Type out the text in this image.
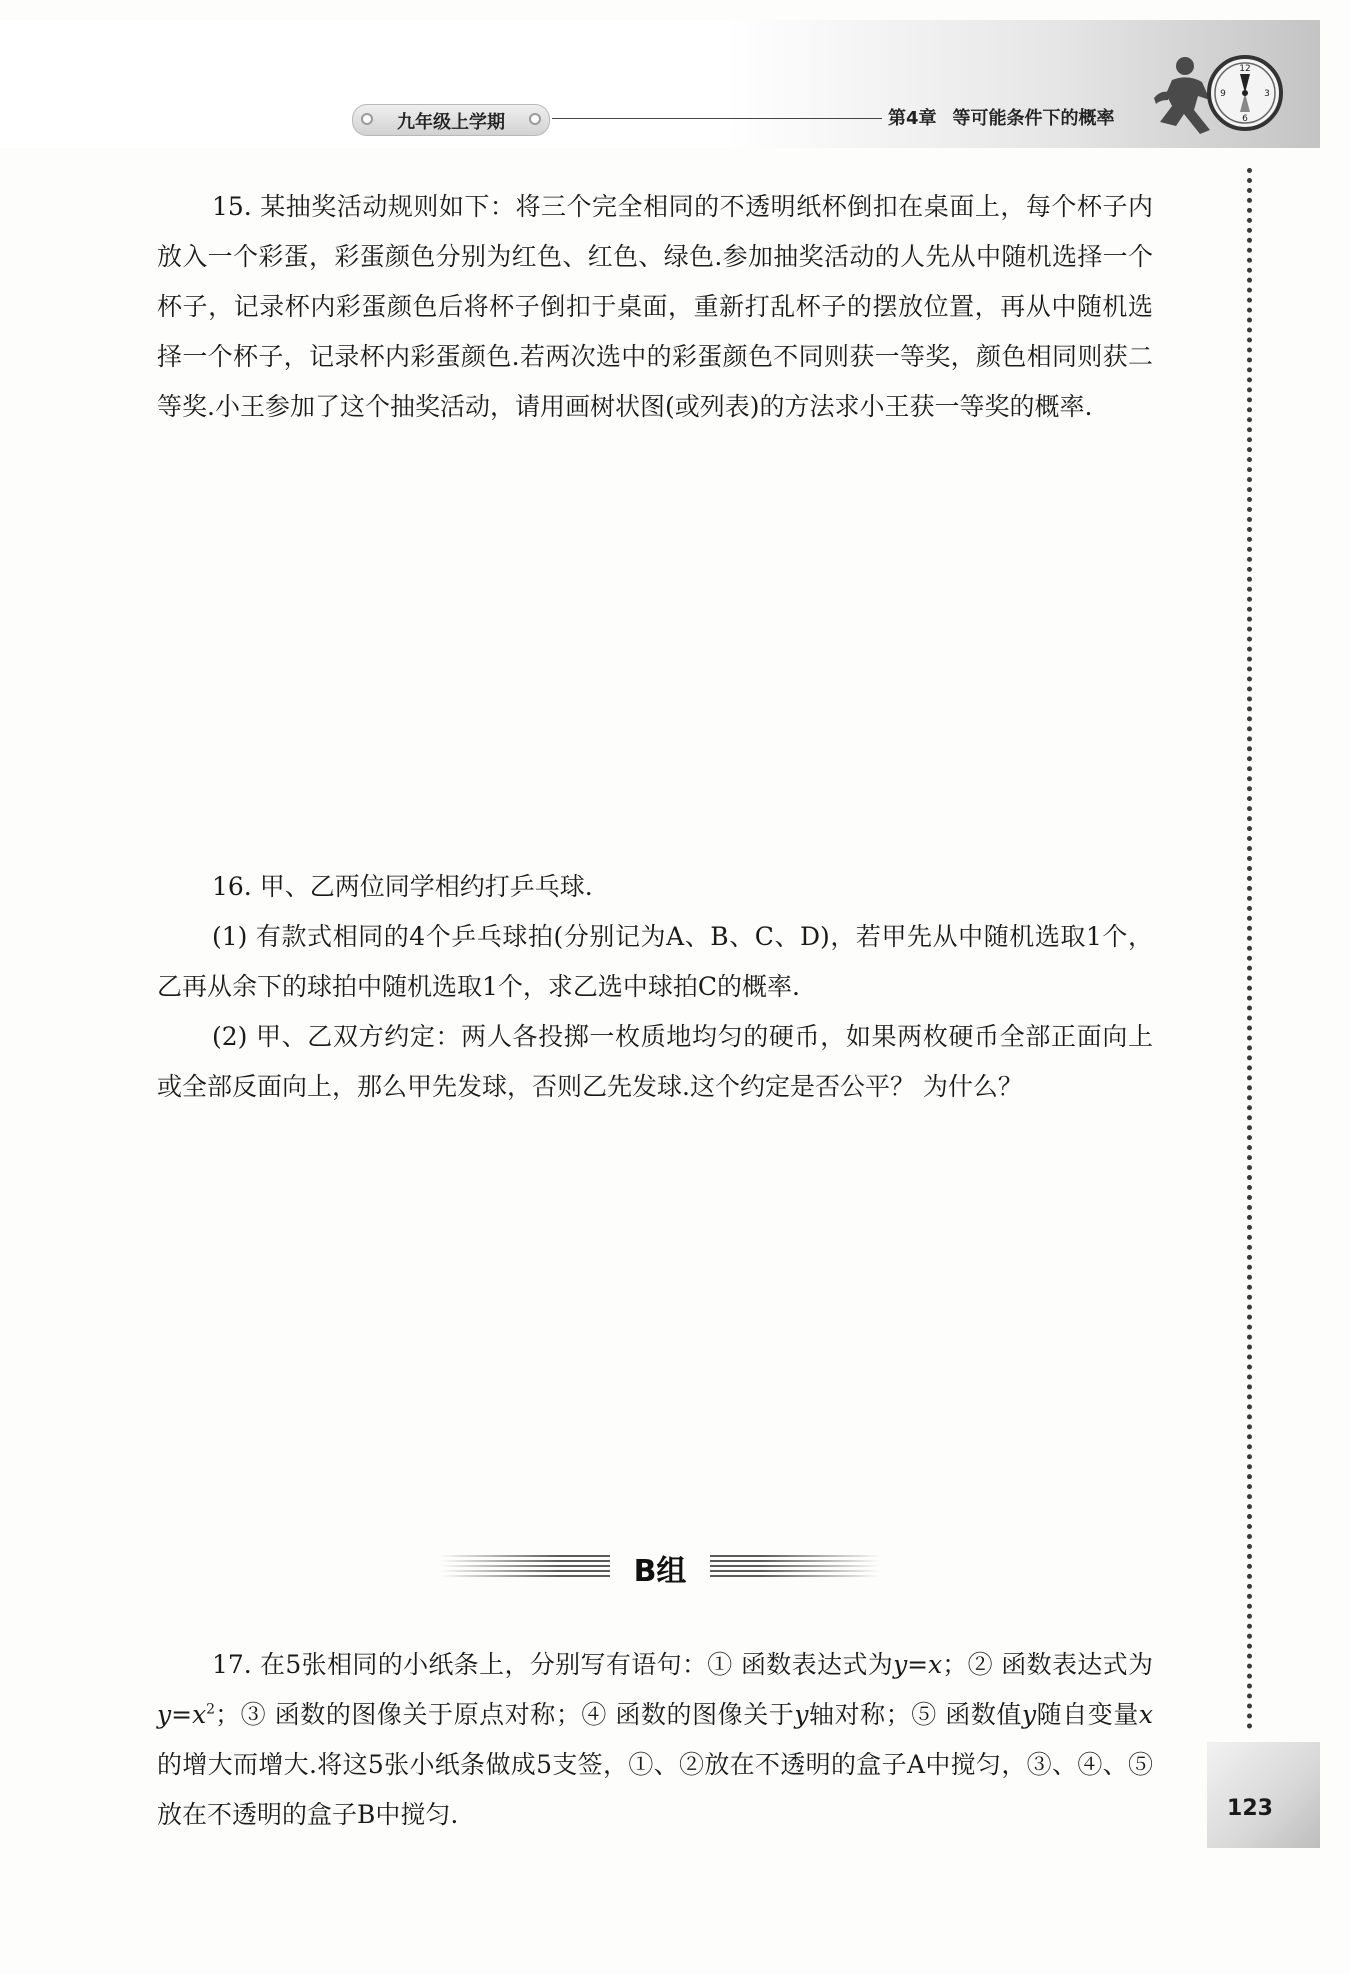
九年级上学期	第4章 等可能条件下的概率
12
3
6
9
15. 某抽奖活动规则如下：将三个完全相同的不透明纸杯倒扣在桌面上，每个杯子内放入一个彩蛋，彩蛋颜色分别为红色、红色、绿色.参加抽奖活动的人先从中随机选择一个杯子，记录杯内彩蛋颜色后将杯子倒扣于桌面，重新打乱杯子的摆放位置，再从中随机选择一个杯子，记录杯内彩蛋颜色.若两次选中的彩蛋颜色不同则获一等奖，颜色相同则获二等奖.小王参加了这个抽奖活动，请用画树状图(或列表)的方法求小王获一等奖的概率.
16. 甲、乙两位同学相约打乒乓球.
(1) 有款式相同的4个乒乓球拍(分别记为A、B、C、D)，若甲先从中随机选取1个，乙再从余下的球拍中随机选取1个，求乙选中球拍C的概率.
(2) 甲、乙双方约定：两人各投掷一枚质地均匀的硬币，如果两枚硬币全部正面向上或全部反面向上，那么甲先发球，否则乙先发球.这个约定是否公平？ 为什么？
B组
17. 在5张相同的小纸条上，分别写有语句：① 函数表达式为y=x；② 函数表达式为$y=x^2$；③ 函数的图像关于原点对称；④ 函数的图像关于y轴对称；⑤ 函数值y随自变量x的增大而增大.将这5张小纸条做成5支签，①、②放在不透明的盒子A中搅匀，③、④、⑤放在不透明的盒子B中搅匀.	123
